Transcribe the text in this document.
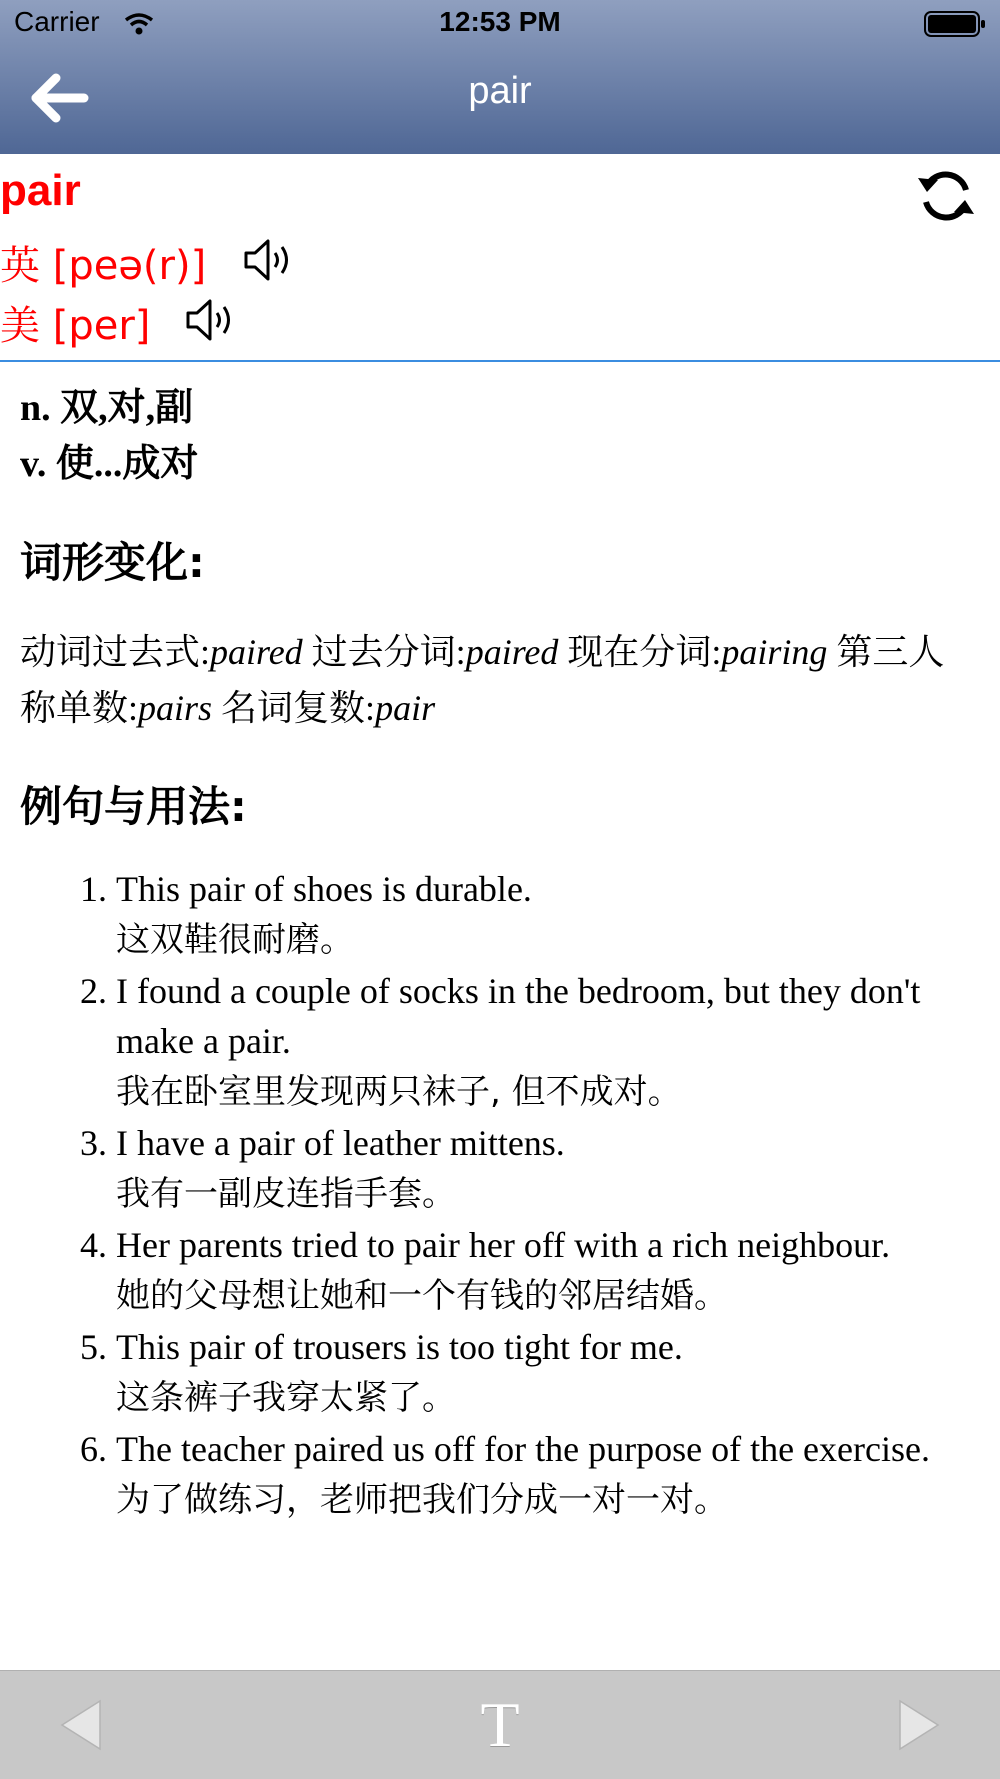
Carrier	12:53 PM
pair
pair
英 [peə(r)]
美 [per]
n. 双,对,副
v. 使...成对
词形变化:
动词过去式:paired 过去分词:paired 现在分词:pairing 第三人称单数:pairs 名词复数:pair
例句与用法:
1. This pair of shoes is durable.
这双鞋很耐磨。
2. I found a couple of socks in the bedroom, but they don't make a pair.
我在卧室里发现两只袜子, 但不成对。
3. I have a pair of leather mittens.
我有一副皮连指手套。
4. Her parents tried to pair her off with a rich neighbour.
她的父母想让她和一个有钱的邻居结婚。
5. This pair of trousers is too tight for me.
这条裤子我穿太紧了。
6. The teacher paired us off for the purpose of the exercise.
为了做练习，老师把我们分成一对一对。
T
